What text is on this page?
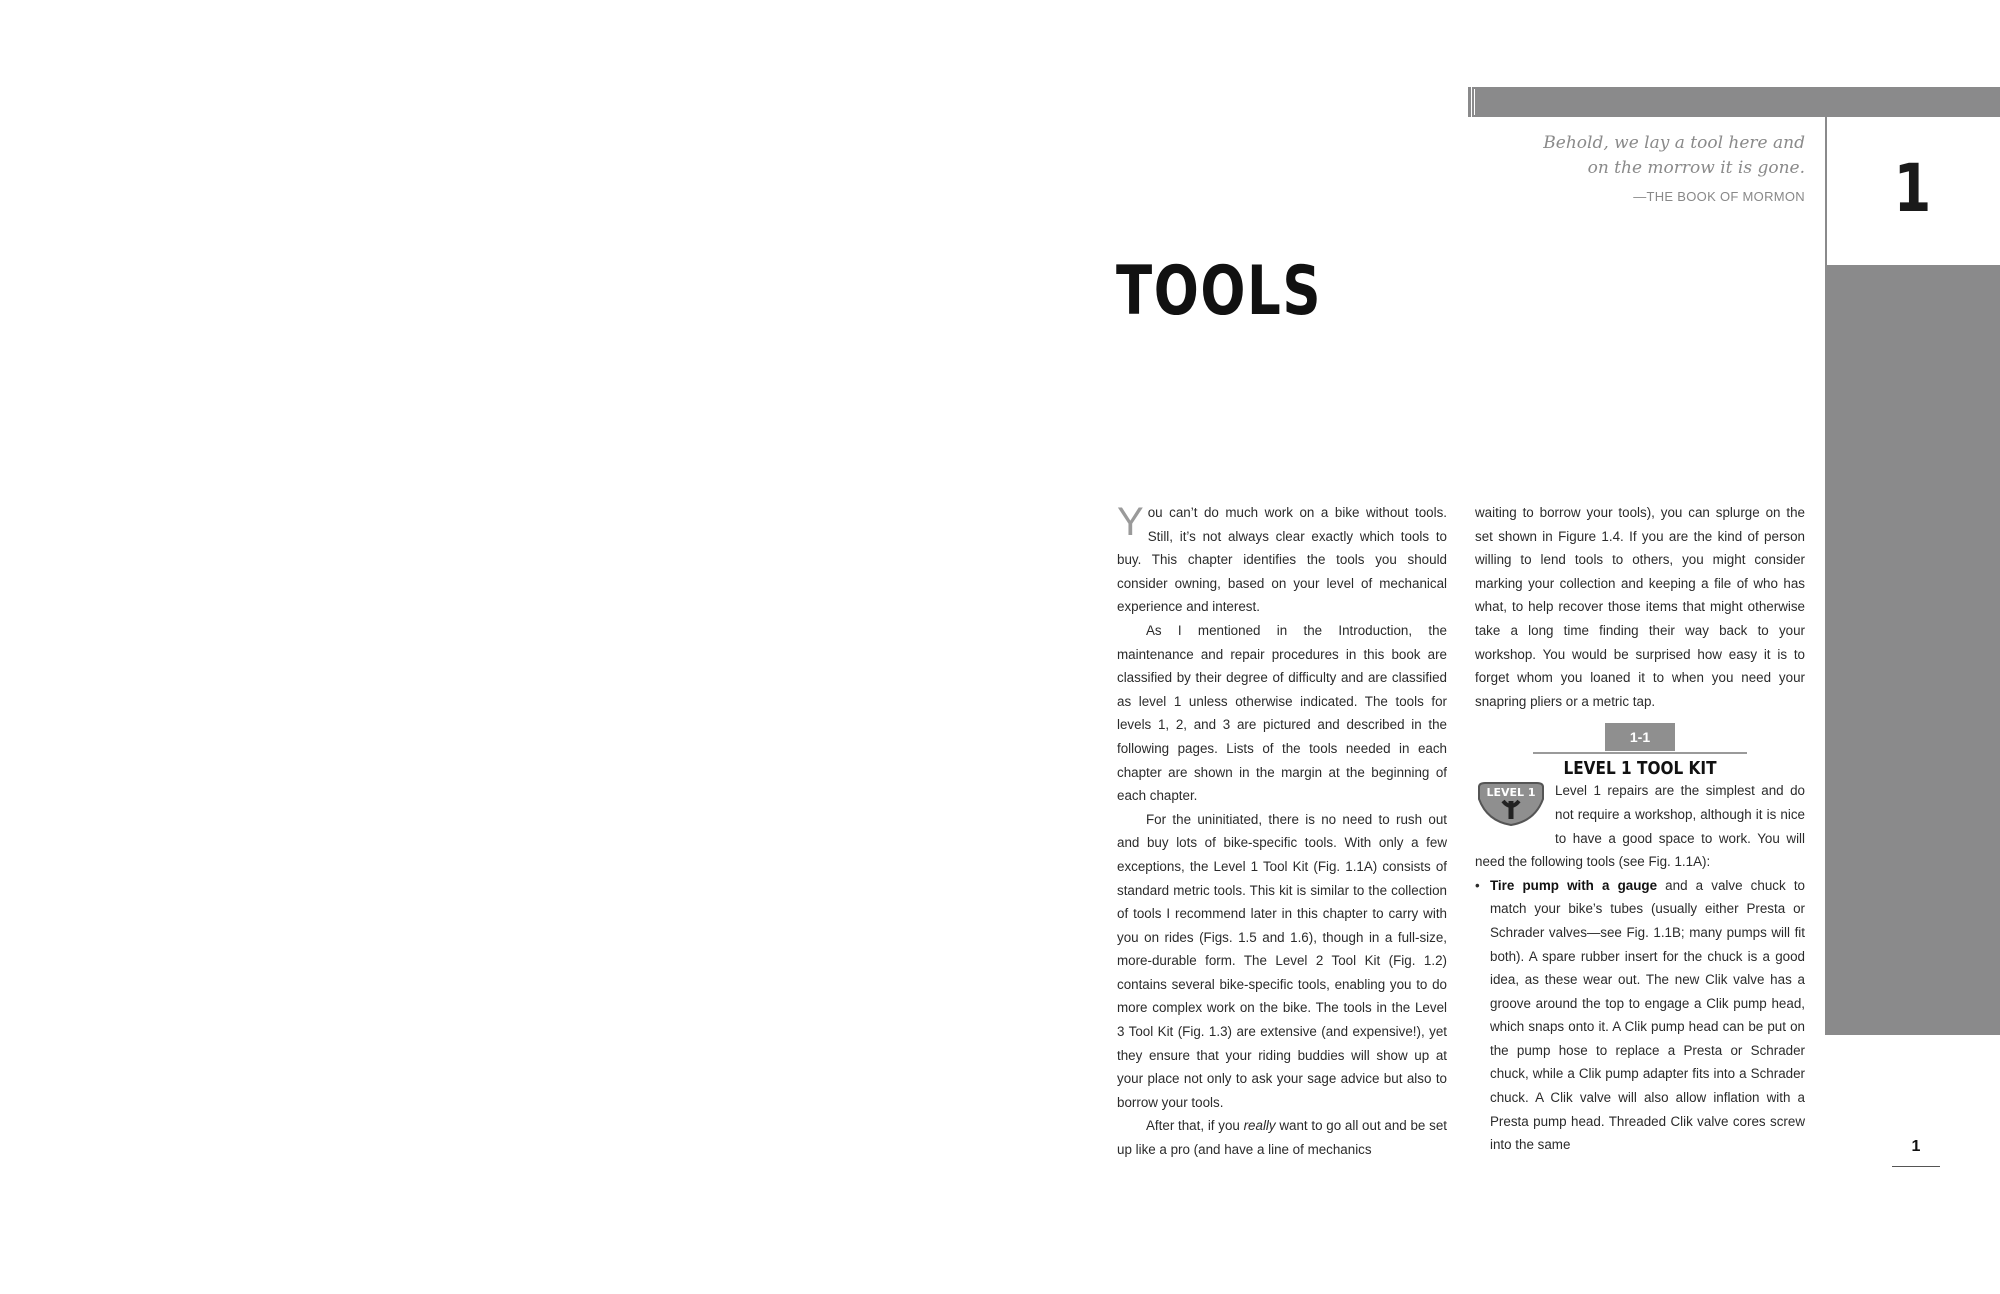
1
Behold, we lay a tool here and
on the morrow it is gone.
—THE BOOK OF MORMON
TOOLS

You can’t do much work on a bike without tools. Still, it’s not always clear exactly which tools to buy. This chapter identifies the tools you should consider owning, based on your level of mechanical experience and interest.

As I mentioned in the Introduction, the maintenance and repair procedures in this book are classified by their degree of difficulty and are classified as level 1 unless otherwise indicated. The tools for levels 1, 2, and 3 are pictured and described in the following pages. Lists of the tools needed in each chapter are shown in the margin at the beginning of each chapter.

For the uninitiated, there is no need to rush out and buy lots of bike-specific tools. With only a few exceptions, the Level 1 Tool Kit (Fig. 1.1A) consists of standard metric tools. This kit is similar to the collection of tools I recommend later in this chapter to carry with you on rides (Figs. 1.5 and 1.6), though in a full-size, more-durable form. The Level 2 Tool Kit (Fig. 1.2) contains several bike-specific tools, enabling you to do more complex work on the bike. The tools in the Level 3 Tool Kit (Fig. 1.3) are extensive (and expensive!), yet they ensure that your riding buddies will show up at your place not only to ask your sage advice but also to borrow your tools.

After that, if you really want to go all out and be set up like a pro (and have a line of mechanics

waiting to borrow your tools), you can splurge on the set shown in Figure 1.4. If you are the kind of person willing to lend tools to others, you might consider marking your collection and keeping a file of who has what, to help recover those items that might otherwise take a long time finding their way back to your workshop. You would be surprised how easy it is to forget whom you loaned it to when you need your snapring pliers or a metric tap.

1-1
LEVEL 1 TOOL KIT

LEVEL 1 Level 1 repairs are the simplest and do not require a workshop, although it is nice to have a good space to work. You will need the following tools (see Fig. 1.1A):

• Tire pump with a gauge and a valve chuck to match your bike’s tubes (usually either Presta or Schrader valves—see Fig. 1.1B; many pumps will fit both). A spare rubber insert for the chuck is a good idea, as these wear out. The new Clik valve has a groove around the top to engage a Clik pump head, which snaps onto it. A Clik pump head can be put on the pump hose to replace a Presta or Schrader chuck, while a Clik pump adapter fits into a Schrader chuck. A Clik valve will also allow inflation with a Presta pump head. Threaded Clik valve cores screw into the same	1
